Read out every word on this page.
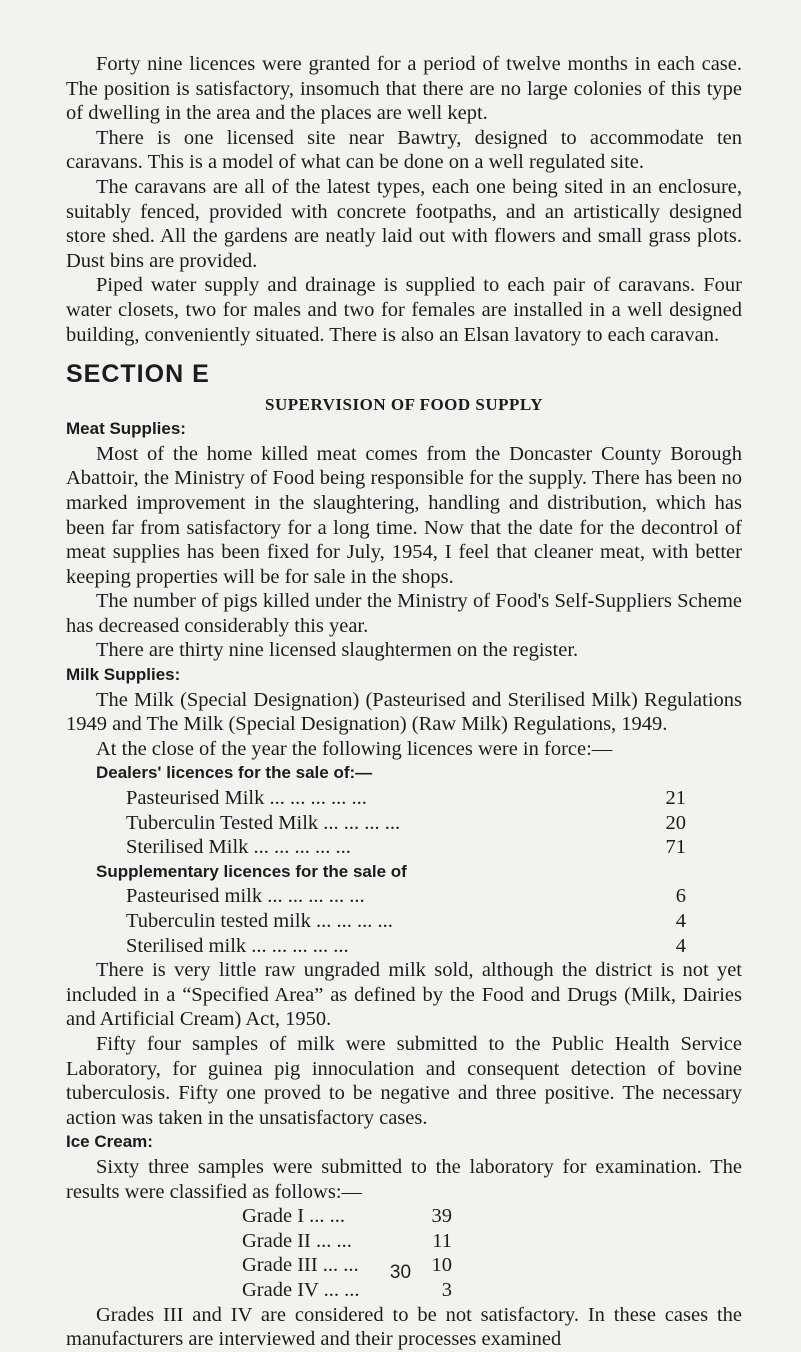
Forty nine licences were granted for a period of twelve months in each case. The position is satisfactory, insomuch that there are no large colonies of this type of dwelling in the area and the places are well kept.

There is one licensed site near Bawtry, designed to accommodate ten caravans. This is a model of what can be done on a well regulated site.

The caravans are all of the latest types, each one being sited in an enclosure, suitably fenced, provided with concrete footpaths, and an artistically designed store shed. All the gardens are neatly laid out with flowers and small grass plots. Dust bins are provided.

Piped water supply and drainage is supplied to each pair of caravans. Four water closets, two for males and two for females are installed in a well designed building, conveniently situated. There is also an Elsan lavatory to each caravan.

SECTION E
SUPERVISION OF FOOD SUPPLY
Meat Supplies:

Most of the home killed meat comes from the Doncaster County Borough Abattoir, the Ministry of Food being responsible for the supply. There has been no marked improvement in the slaughtering, handling and distribution, which has been far from satisfactory for a long time. Now that the date for the decontrol of meat supplies has been fixed for July, 1954, I feel that cleaner meat, with better keeping properties will be for sale in the shops.

The number of pigs killed under the Ministry of Food's Self-Suppliers Scheme has decreased considerably this year.

There are thirty nine licensed slaughtermen on the register.

Milk Supplies:

The Milk (Special Designation) (Pasteurised and Sterilised Milk) Regulations 1949 and The Milk (Special Designation) (Raw Milk) Regulations, 1949.

At the close of the year the following licences were in force:—

Dealers' licences for the sale of:—
Pasteurised Milk ... ... ... ... ...	21
Tuberculin Tested Milk ... ... ... ...	20
Sterilised Milk ... ... ... ... ...	71
Supplementary licences for the sale of
Pasteurised milk ... ... ... ... ...	6
Tuberculin tested milk ... ... ... ...	4
Sterilised milk ... ... ... ... ...	4

There is very little raw ungraded milk sold, although the district is not yet included in a “Specified Area” as defined by the Food and Drugs (Milk, Dairies and Artificial Cream) Act, 1950.

Fifty four samples of milk were submitted to the Public Health Service Laboratory, for guinea pig innoculation and consequent detection of bovine tuberculosis. Fifty one proved to be negative and three positive. The necessary action was taken in the unsatisfactory cases.

Ice Cream:

Sixty three samples were submitted to the laboratory for examination. The results were classified as follows:—

Grade I ... ...	39
Grade II ... ...	11
Grade III ... ...	10
Grade IV ... ...	3

Grades III and IV are considered to be not satisfactory. In these cases the manufacturers are interviewed and their processes examined

30
